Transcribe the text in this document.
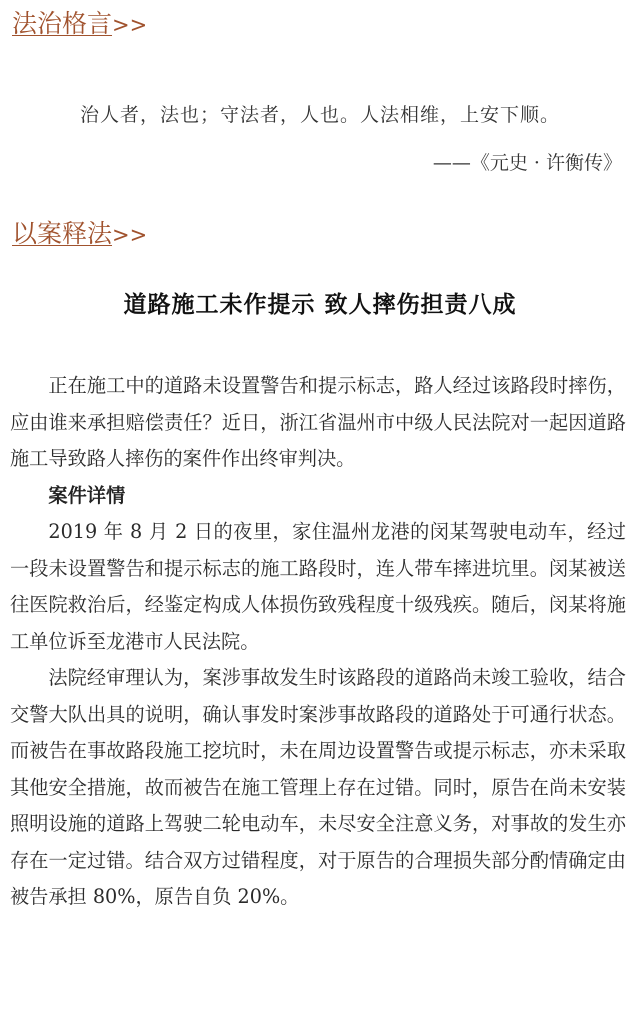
法治格言>>
治人者，法也；守法者，人也。人法相维，上安下顺。
——《元史 · 许衡传》
以案释法>>
道路施工未作提示 致人摔伤担责八成

正在施工中的道路未设置警告和提示标志，路人经过该路段时摔伤，应由谁来承担赔偿责任？近日，浙江省温州市中级人民法院对一起因道路施工导致路人摔伤的案件作出终审判决。

案件详情

2019 年 8 月 2 日的夜里，家住温州龙港的闵某驾驶电动车，经过一段未设置警告和提示标志的施工路段时，连人带车摔进坑里。闵某被送往医院救治后，经鉴定构成人体损伤致残程度十级残疾。随后，闵某将施工单位诉至龙港市人民法院。

法院经审理认为，案涉事故发生时该路段的道路尚未竣工验收，结合交警大队出具的说明，确认事发时案涉事故路段的道路处于可通行状态。而被告在事故路段施工挖坑时，未在周边设置警告或提示标志，亦未采取其他安全措施，故而被告在施工管理上存在过错。同时，原告在尚未安装照明设施的道路上驾驶二轮电动车，未尽安全注意义务，对事故的发生亦存在一定过错。结合双方过错程度，对于原告的合理损失部分酌情确定由被告承担 80%，原告自负 20%。
